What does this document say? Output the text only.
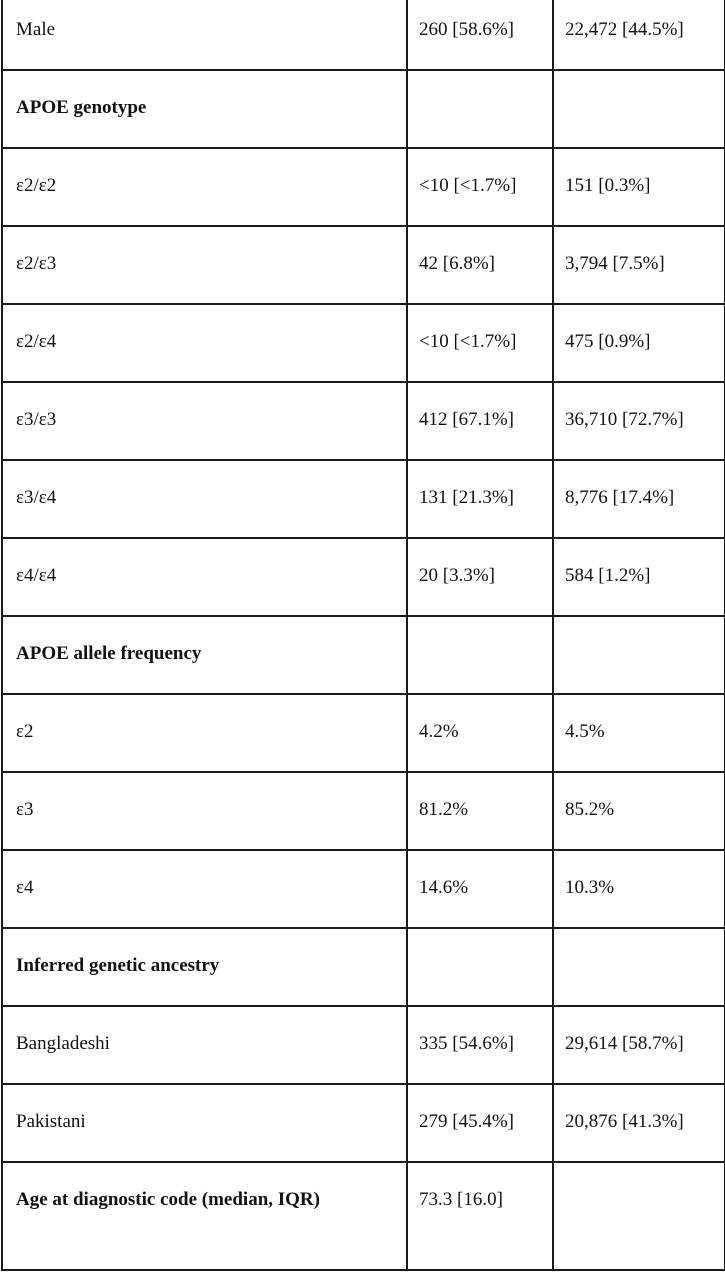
Male	260 [58.6%]	22,472 [44.5%]
APOE genotype		
ε2/ε2	<10 [<1.7%]	151 [0.3%]
ε2/ε3	42 [6.8%]	3,794 [7.5%]
ε2/ε4	<10 [<1.7%]	475 [0.9%]
ε3/ε3	412 [67.1%]	36,710 [72.7%]
ε3/ε4	131 [21.3%]	8,776 [17.4%]
ε4/ε4	20 [3.3%]	584 [1.2%]
APOE allele frequency		
ε2	4.2%	4.5%
ε3	81.2%	85.2%
ε4	14.6%	10.3%
Inferred genetic ancestry		
Bangladeshi	335 [54.6%]	29,614 [58.7%]
Pakistani	279 [45.4%]	20,876 [41.3%]
Age at diagnostic code (median, IQR)	73.3 [16.0]	
